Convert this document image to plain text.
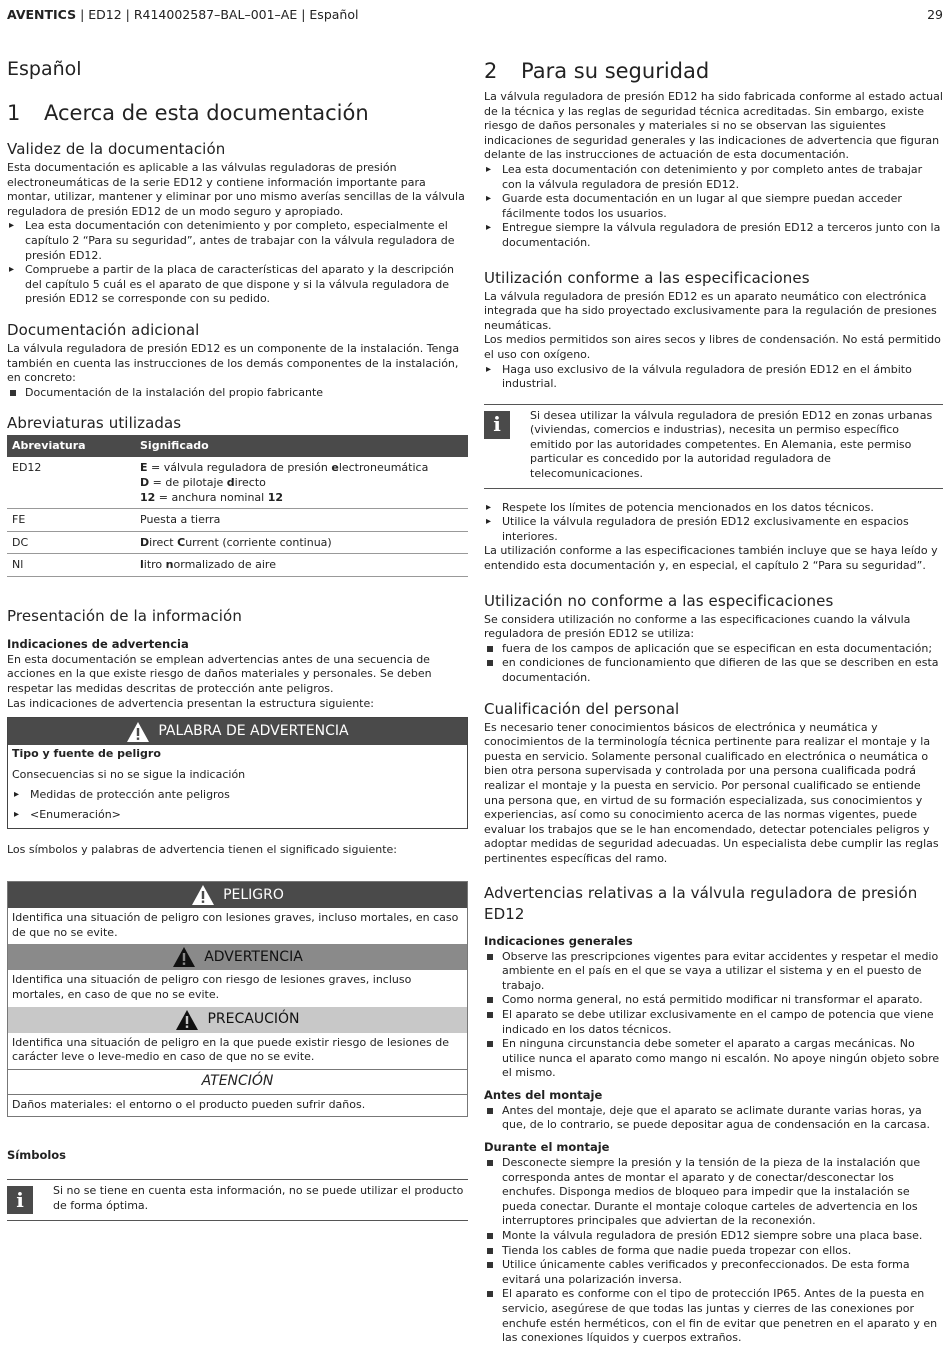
AVENTICS | ED12 | R414002587–BAL–001–AE | Español	29
Español
1	Acerca de esta documentación
Validez de la documentación

Esta documentación es aplicable a las válvulas reguladoras de presión electroneumáticas de la serie ED12 y contiene información importante para montar, utilizar, mantener y eliminar por uno mismo averías sencillas de la válvula reguladora de presión ED12 de un modo seguro y apropiado.

▸ Lea esta documentación con detenimiento y por completo, especialmente el capítulo 2 “Para su seguridad”, antes de trabajar con la válvula reguladora de presión ED12.
▸ Compruebe a partir de la placa de características del aparato y la descripción del capítulo 5 cuál es el aparato de que dispone y si la válvula reguladora de presión ED12 se corresponde con su pedido.
Documentación adicional

La válvula reguladora de presión ED12 es un componente de la instalación. Tenga también en cuenta las instrucciones de los demás componentes de la instalación, en concreto:

Documentación de la instalación del propio fabricante
Abreviaturas utilizadas
Abreviatura	Significado
ED12	E = válvula reguladora de presión electroneumática
D = de pilotaje directo
12 = anchura nominal 12

FE	Puesta a tierra
DC	Direct Current (corriente continua)
Nl	litro normalizado de aire
Presentación de la información
Indicaciones de advertencia

En esta documentación se emplean advertencias antes de una secuencia de acciones en la que existe riesgo de daños materiales y personales. Se deben respetar las medidas descritas de protección ante peligros.

Las indicaciones de advertencia presentan la estructura siguiente:

PALABRA DE ADVERTENCIA
Tipo y fuente de peligro
Consecuencias si no se sigue la indicación
▸ Medidas de protección ante peligros
▸ <Enumeración>

Los símbolos y palabras de advertencia tienen el significado siguiente:

PELIGRO
Identifica una situación de peligro con lesiones graves, incluso mortales, en caso de que no se evite.
ADVERTENCIA
Identifica una situación de peligro con riesgo de lesiones graves, incluso mortales, en caso de que no se evite.
PRECAUCIÓN
Identifica una situación de peligro en la que puede existir riesgo de lesiones de carácter leve o leve-medio en caso de que no se evite.
ATENCIÓN
Daños materiales: el entorno o el producto pueden sufrir daños.
Símbolos
i	Si no se tiene en cuenta esta información, no se puede utilizar el producto de forma óptima.
2	Para su seguridad

La válvula reguladora de presión ED12 ha sido fabricada conforme al estado actual de la técnica y las reglas de seguridad técnica acreditadas. Sin embargo, existe riesgo de daños personales y materiales si no se observan las siguientes indicaciones de seguridad generales y las indicaciones de advertencia que figuran delante de las instrucciones de actuación de esta documentación.

▸ Lea esta documentación con detenimiento y por completo antes de trabajar con la válvula reguladora de presión ED12.
▸ Guarde esta documentación en un lugar al que siempre puedan acceder fácilmente todos los usuarios.
▸ Entregue siempre la válvula reguladora de presión ED12 a terceros junto con la documentación.
Utilización conforme a las especificaciones

La válvula reguladora de presión ED12 es un aparato neumático con electrónica integrada que ha sido proyectado exclusivamente para la regulación de presiones neumáticas.

Los medios permitidos son aires secos y libres de condensación. No está permitido el uso con oxígeno.

▸ Haga uso exclusivo de la válvula reguladora de presión ED12 en el ámbito industrial.
i	Si desea utilizar la válvula reguladora de presión ED12 en zonas urbanas (viviendas, comercios e industrias), necesita un permiso específico emitido por las autoridades competentes. En Alemania, este permiso particular es concedido por la autoridad reguladora de telecomunicaciones.
▸ Respete los límites de potencia mencionados en los datos técnicos.
▸ Utilice la válvula reguladora de presión ED12 exclusivamente en espacios interiores.

La utilización conforme a las especificaciones también incluye que se haya leído y entendido esta documentación y, en especial, el capítulo 2 “Para su seguridad”.

Utilización no conforme a las especificaciones

Se considera utilización no conforme a las especificaciones cuando la válvula reguladora de presión ED12 se utiliza:

fuera de los campos de aplicación que se especifican en esta documentación;
en condiciones de funcionamiento que difieren de las que se describen en esta documentación.
Cualificación del personal

Es necesario tener conocimientos básicos de electrónica y neumática y conocimientos de la terminología técnica pertinente para realizar el montaje y la puesta en servicio. Solamente personal cualificado en electrónica o neumática o bien otra persona supervisada y controlada por una persona cualificada podrá realizar el montaje y la puesta en servicio. Por personal cualificado se entiende una persona que, en virtud de su formación especializada, sus conocimientos y experiencias, así como su conocimiento acerca de las normas vigentes, puede evaluar los trabajos que se le han encomendado, detectar potenciales peligros y adoptar medidas de seguridad adecuadas. Un especialista debe cumplir las reglas pertinentes específicas del ramo.

Advertencias relativas a la válvula reguladora de presión ED12
Indicaciones generales
Observe las prescripciones vigentes para evitar accidentes y respetar el medio ambiente en el país en el que se vaya a utilizar el sistema y en el puesto de trabajo.
Como norma general, no está permitido modificar ni transformar el aparato.
El aparato se debe utilizar exclusivamente en el campo de potencia que viene indicado en los datos técnicos.
En ninguna circunstancia debe someter el aparato a cargas mecánicas. No utilice nunca el aparato como mango ni escalón. No apoye ningún objeto sobre el mismo.
Antes del montaje
Antes del montaje, deje que el aparato se aclimate durante varias horas, ya que, de lo contrario, se puede depositar agua de condensación en la carcasa.
Durante el montaje
Desconecte siempre la presión y la tensión de la pieza de la instalación que corresponda antes de montar el aparato y de conectar/desconectar los enchufes. Disponga medios de bloqueo para impedir que la instalación se pueda conectar. Durante el montaje coloque carteles de advertencia en los interruptores principales que adviertan de la reconexión.
Monte la válvula reguladora de presión ED12 siempre sobre una placa base.
Tienda los cables de forma que nadie pueda tropezar con ellos.
Utilice únicamente cables verificados y preconfeccionados. De esta forma evitará una polarización inversa.
El aparato es conforme con el tipo de protección IP65. Antes de la puesta en servicio, asegúrese de que todas las juntas y cierres de las conexiones por enchufe estén herméticos, con el fin de evitar que penetren en el aparato y en las conexiones líquidos y cuerpos extraños.
